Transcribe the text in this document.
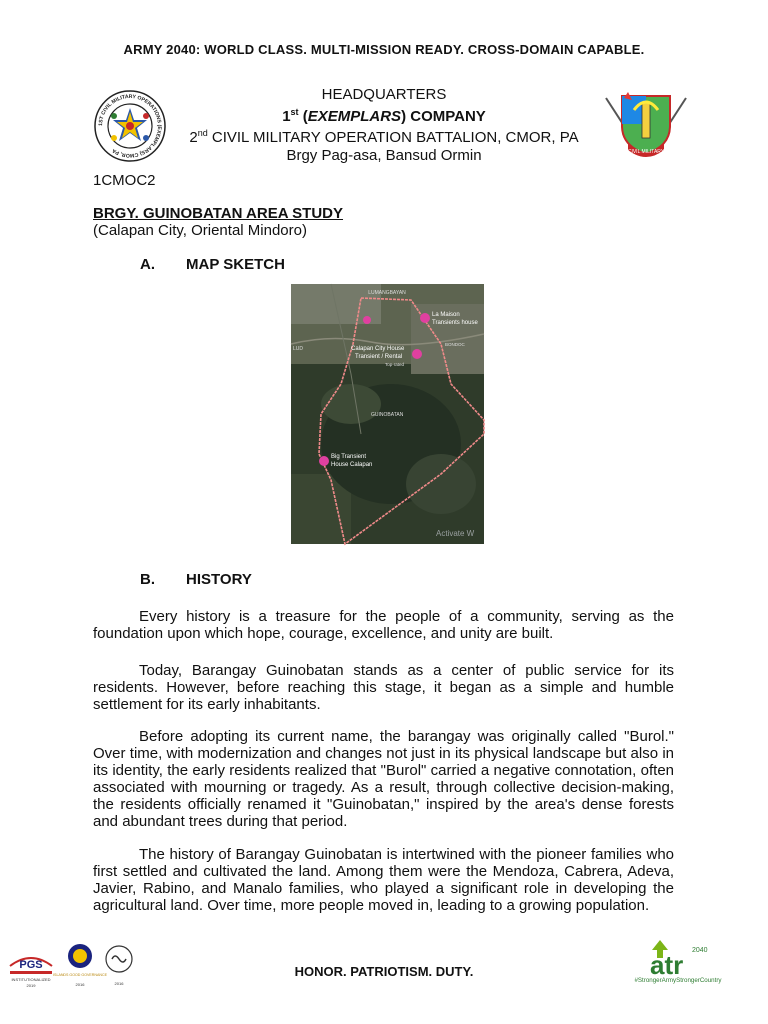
ARMY 2040: WORLD CLASS. MULTI-MISSION READY. CROSS-DOMAIN CAPABLE.
1ST CIVIL MILITARY OPERATIONS (EXEMPLARS) CMOR, PA
HEADQUARTERS
1st (EXEMPLARS) COMPANY
2nd CIVIL MILITARY OPERATION BATTALION, CMOR, PA
Brgy Pag-asa, Bansud Ormin	CIVIL MILITARY
1CMOC2
BRGY. GUINOBATAN AREA STUDY
(Calapan City, Oriental Mindoro)
A. MAP SKETCH
LUMANGBAYAN
LUD
GUINOBATAN
BONDOC
La Maison
Transients house
Calapan City House
Transient / Rental
Top-rated
Big Transient
House Calapan
Activate W
B. HISTORY

Every history is a treasure for the people of a community, serving as the foundation upon which hope, courage, excellence, and unity are built.

Today, Barangay Guinobatan stands as a center of public service for its residents. However, before reaching this stage, it began as a simple and humble settlement for its early inhabitants.

Before adopting its current name, the barangay was originally called "Burol." Over time, with modernization and changes not just in its physical landscape but also in its identity, the early residents realized that "Burol" carried a negative connotation, often associated with mourning or tragedy. As a result, through collective decision-making, the residents officially renamed it "Guinobatan," inspired by the area's dense forests and abundant trees during that period.

The history of Barangay Guinobatan is intertwined with the pioneer families who first settled and cultivated the land. Among them were the Mendoza, Cabrera, Adeva, Javier, Rabino, and Manalo families, who played a significant role in developing the agricultural land. Over time, more people moved in, leading to a growing population.

PGS
INSTITUTIONALIZED
2019
ISLANDS GOOD GOVERNANCE
2016	2016
HONOR. PATRIOTISM. DUTY.	atr 2040
#StrongerArmyStrongerCountry
